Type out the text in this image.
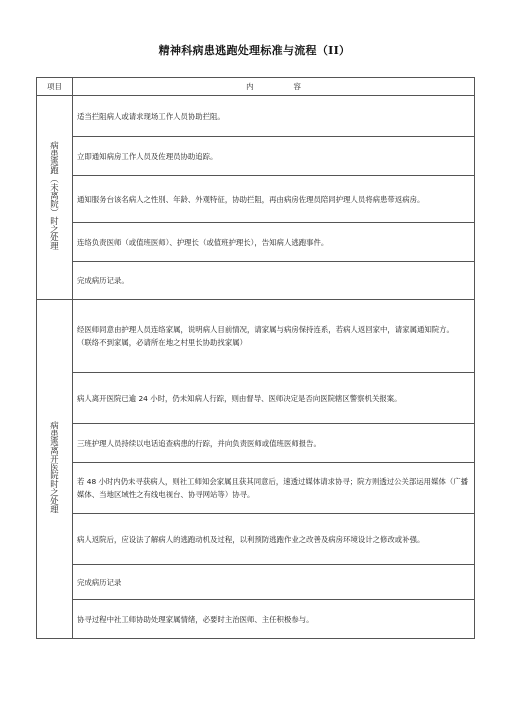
精神科病患逃跑处理标准与流程（II）
项目	内容
病患逃跑（未离院）时之处理	适当拦阻病人或请求现场工作人员协助拦阻。
	立即通知病房工作人员及佐理员协助追踪。
	通知服务台该名病人之性別、年龄、外观特征，协助拦阻，再由病房佐理员陪同护理人员将病患带返病房。
	连络负责医师（或值班医师）、护理长（或值班护理长），告知病人逃跑事件。
	完成病历记录。
病患逃离开医院时之处理	经医师同意由护理人员连络家属，说明病人目前情况，请家属与病房保持连系，若病人返回家中，请家属通知院方。
（联络不到家属，必请所在地之村里长协助找家属）

	病人离开医院已逾 24 小时，仍未知病人行踪，则由督导、医师决定是否向医院辖区警察机关报案。
	三班护理人员持续以电话追查病患的行踪，并向负责医师或值班医师报告。
	若 48 小时内仍未寻获病人，则社工师知会家属且获其同意后，速透过媒体请求协寻；院方则透过公关部运用媒体（广播媒体、当地区域性之有线电视台、协寻网站等）协寻。
	病人返院后，应设法了解病人的逃跑动机及过程，以利预防逃跑作业之改善及病房环境设计之修改或补强。
	完成病历记录
	协寻过程中社工师协助处理家属情绪，必要时主治医师、主任积极参与。
